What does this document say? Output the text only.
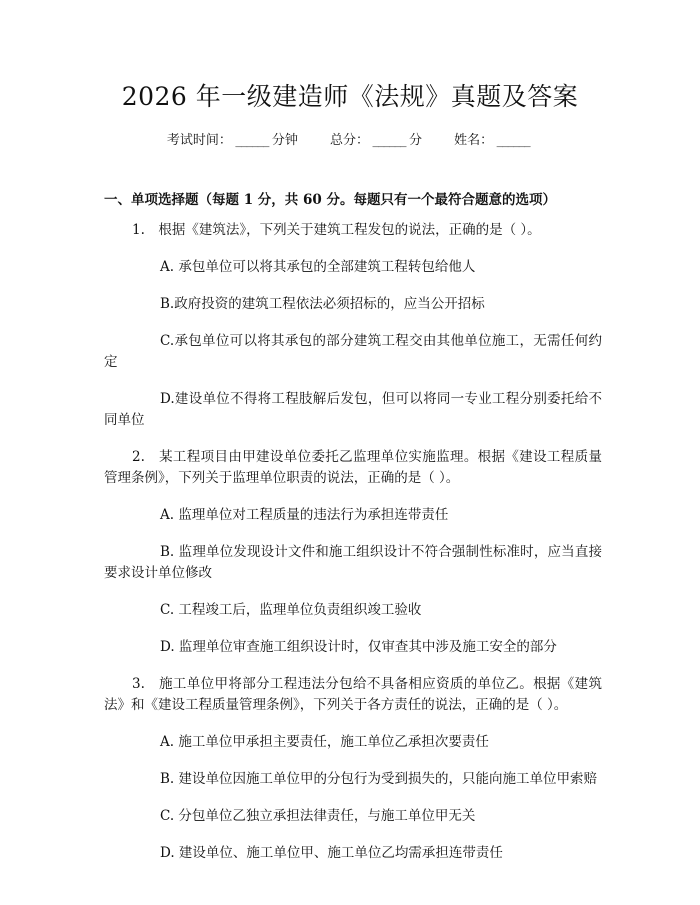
2026 年一级建造师《法规》真题及答案
考试时间： ______ 分钟 总分： ______ 分 姓名： ______
一、单项选择题（每题 1 分，共 60 分。每题只有一个最符合题意的选项）

1.　根据《建筑法》，下列关于建筑工程发包的说法，正确的是（ ）。

A. 承包单位可以将其承包的全部建筑工程转包给他人

B.政府投资的建筑工程依法必须招标的，应当公开招标

C.承包单位可以将其承包的部分建筑工程交由其他单位施工，无需任何约定

D.建设单位不得将工程肢解后发包，但可以将同一专业工程分别委托给不同单位

2.　某工程项目由甲建设单位委托乙监理单位实施监理。根据《建设工程质量管理条例》，下列关于监理单位职责的说法，正确的是（ ）。

A. 监理单位对工程质量的违法行为承担连带责任

B. 监理单位发现设计文件和施工组织设计不符合强制性标准时，应当直接要求设计单位修改

C. 工程竣工后，监理单位负责组织竣工验收

D. 监理单位审查施工组织设计时，仅审查其中涉及施工安全的部分

3.　施工单位甲将部分工程违法分包给不具备相应资质的单位乙。根据《建筑法》和《建设工程质量管理条例》，下列关于各方责任的说法，正确的是（ ）。

A. 施工单位甲承担主要责任，施工单位乙承担次要责任

B. 建设单位因施工单位甲的分包行为受到损失的，只能向施工单位甲索赔

C. 分包单位乙独立承担法律责任，与施工单位甲无关

D. 建设单位、施工单位甲、施工单位乙均需承担连带责任
